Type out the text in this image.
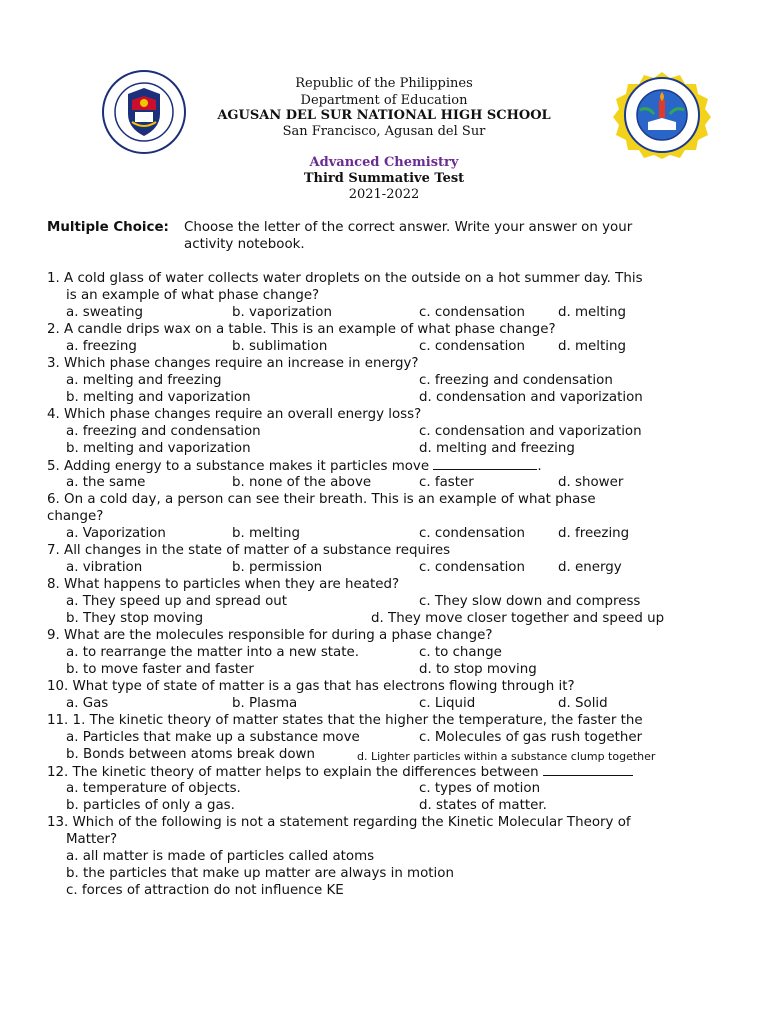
Republic of the Philippines
Department of Education
AGUSAN DEL SUR NATIONAL HIGH SCHOOL
San Francisco, Agusan del Sur
Advanced Chemistry
Third Summative Test
2021-2022
Multiple Choice: Choose the letter of the correct answer. Write your answer on your
activity notebook.
1. A cold glass of water collects water droplets on the outside on a hot summer day. This
is an example of what phase change?
a. sweating	b. vaporization	c. condensation d. melting
2. A candle drips wax on a table. This is an example of what phase change?
a. freezing	b. sublimation	c. condensation d. melting
3. Which phase changes require an increase in energy?
a. melting and freezing	c. freezing and condensation
b. melting and vaporization	d. condensation and vaporization
4. Which phase changes require an overall energy loss?
a. freezing and condensation	c. condensation and vaporization
b. melting and vaporization	d. melting and freezing
5. Adding energy to a substance makes it particles move	.
a. the same	b. none of the above	c. faster	d. shower
6. On a cold day, a person can see their breath. This is an example of what phase
change?
a. Vaporization	b. melting	c. condensation d. freezing
7. All changes in the state of matter of a substance requires
a. vibration	b. permission	c. condensation d. energy
8. What happens to particles when they are heated?
a. They speed up and spread out	c. They slow down and compress
b. They stop moving	d. They move closer together and speed up
9. What are the molecules responsible for during a phase change?
a. to rearrange the matter into a new state.	c. to change
b. to move faster and faster	d. to stop moving
10. What type of state of matter is a gas that has electrons flowing through it?
a. Gas	b. Plasma	c. Liquid	d. Solid
11. 1. The kinetic theory of matter states that the higher the temperature, the faster the
a. Particles that make up a substance move	c. Molecules of gas rush together
b. Bonds between atoms break down	d. Lighter particles within a substance clump together
12. The kinetic theory of matter helps to explain the differences between
a. temperature of objects.	c. types of motion
b. particles of only a gas.	d. states of matter.
13. Which of the following is not a statement regarding the Kinetic Molecular Theory of
Matter?
a. all matter is made of particles called atoms
b. the particles that make up matter are always in motion
c. forces of attraction do not influence KE
